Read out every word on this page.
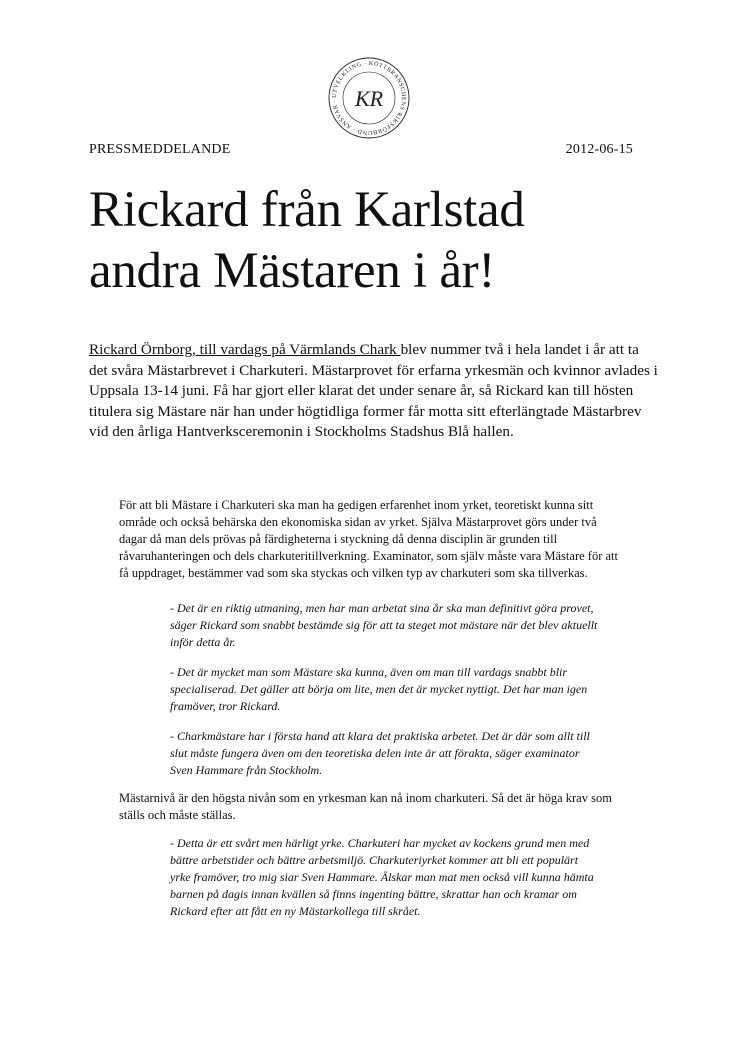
UTVECKLING · KÖTTBRANSCHENS RIKSFÖRBUND · ANSVAR · KR
PRESSMEDDELANDE	2012-06-15
Rickard från Karlstad
andra Mästaren i år!

Rickard Örnborg, till vardags på Värmlands Chark blev nummer två i hela landet i år att ta det svåra Mästarbrevet i Charkuteri. Mästarprovet för erfarna yrkesmän och kvinnor avlades i Uppsala 13-14 juni. Få har gjort eller klarat det under senare år, så Rickard kan till hösten titulera sig Mästare när han under högtidliga former får motta sitt efterlängtade Mästarbrev vid den årliga Hantverksceremonin i Stockholms Stadshus Blå hallen.

För att bli Mästare i Charkuteri ska man ha gedigen erfarenhet inom yrket, teoretiskt kunna sitt område och också behärska den ekonomiska sidan av yrket. Själva Mästarprovet görs under två dagar då man dels prövas på färdigheterna i styckning då denna disciplin är grunden till råvaruhanteringen och dels charkuteritillverkning. Examinator, som själv måste vara Mästare för att få uppdraget, bestämmer vad som ska styckas och vilken typ av charkuteri som ska tillverkas.

- Det är en riktig utmaning, men har man arbetat sina år ska man definitivt göra provet, säger Rickard som snabbt bestämde sig för att ta steget mot mästare när det blev aktuellt inför detta år.

- Det är mycket man som Mästare ska kunna, även om man till vardags snabbt blir specialiserad. Det gäller att börja om lite, men det är mycket nyttigt. Det har man igen framöver, tror Rickard.

- Charkmästare har i första hand att klara det praktiska arbetet. Det är där som allt till slut måste fungera även om den teoretiska delen inte är att förakta, säger examinator Sven Hammare från Stockholm.

Mästarnivå är den högsta nivån som en yrkesman kan nå inom charkuteri. Så det är höga krav som ställs och måste ställas.

- Detta är ett svårt men härligt yrke. Charkuteri har mycket av kockens grund men med bättre arbetstider och bättre arbetsmiljö. Charkuteriyrket kommer att bli ett populärt yrke framöver, tro mig siar Sven Hammare. Älskar man mat men också vill kunna hämta barnen på dagis innan kvällen så finns ingenting bättre, skrattar han och kramar om Rickard efter att fått en ny Mästarkollega till skrået.
